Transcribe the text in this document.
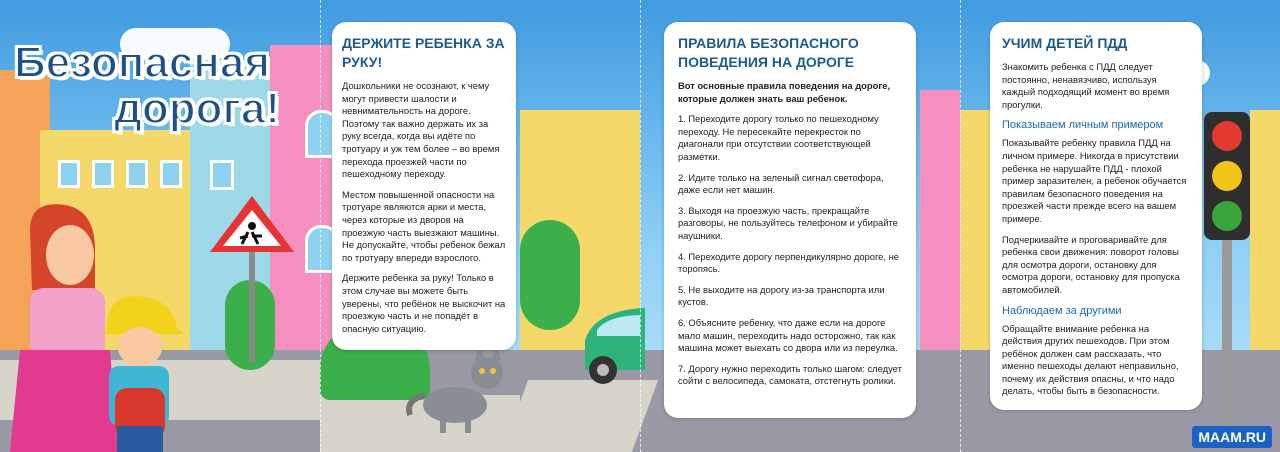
Безопасная
дорога!
ДЕРЖИТЕ РЕБЕНКА ЗА РУКУ!

Дошкольники не осознают, к чему могут привести шалости и невнимательность на дороге. Поэтому так важно держать их за руку всегда, когда вы идёте по тротуару и уж тем более – во время перехода проезжей части по пешеходному переходу.

Местом повышенной опасности на тротуаре являются арки и места, через которые из дворов на проезжую часть выезжают машины. Не допускайте, чтобы ребенок бежал по тротуару впереди взрослого.

Держите ребенка за руку! Только в этом случае вы можете быть уверены, что ребёнок не выскочит на проезжую часть и не попадёт в опасную ситуацию.

ПРАВИЛА БЕЗОПАСНОГО ПОВЕДЕНИЯ НА ДОРОГЕ

Вот основные правила поведения на дороге, которые должен знать ваш ребенок.

1. Переходите дорогу только по пешеходному переходу. Не пересекайте перекресток по диагонали при отсутствии соответствующей разметки.

2. Идите только на зеленый сигнал светофора, даже если нет машин.

3. Выходя на проезжую часть, прекращайте разговоры, не пользуйтесь телефоном и убирайте наушники.

4. Переходите дорогу перпендикулярно дороге, не торопясь.

5. Не выходите на дорогу из-за транспорта или кустов.

6. Объясните ребенку, что даже если на дороге мало машин, переходить надо осторожно, так как машина может выехать со двора или из переулка.

7. Дорогу нужно переходить только шагом: следует сойти с велосипеда, самоката, отстегнуть ролики.

УЧИМ ДЕТЕЙ ПДД

Знакомить ребенка с ПДД следует постоянно, ненавязчиво, используя каждый подходящий момент во время прогулки.

Показываем личным примером

Показывайте ребенку правила ПДД на личном примере. Никогда в присутствии ребенка не нарушайте ПДД - плохой пример заразителен, а ребенок обучается правилам безопасного поведения на проезжей части прежде всего на вашем примере.

Подчеркивайте и проговаривайте для ребенка свои движения: поворот головы для осмотра дороги, остановку для осмотра дороги, остановку для пропуска автомобилей.

Наблюдаем за другими

Обращайте внимание ребенка на действия других пешеходов. При этом ребёнок должен сам рассказать, что именно пешеходы делают неправильно, почему их действия опасны, и что надо делать, чтобы быть в безопасности.

MAAM.RU
